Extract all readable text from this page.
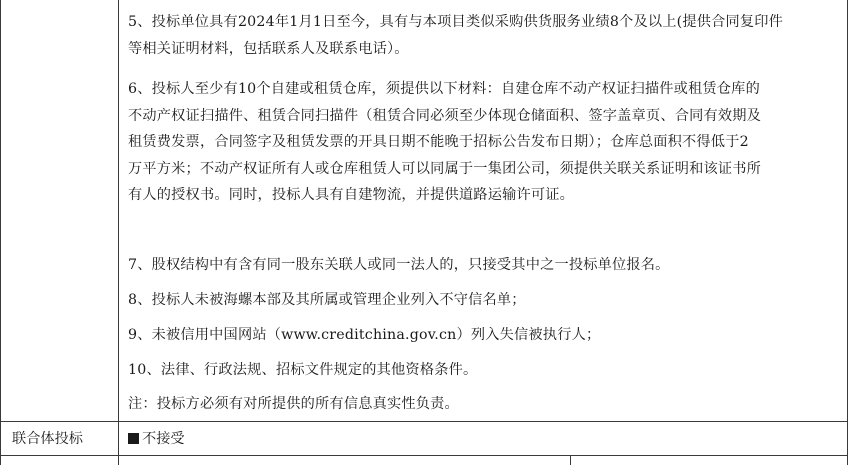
5、投标单位具有2024年1月1日至今，具有与本项目类似采购供货服务业绩8个及以上(提供合同复印件
等相关证明材料，包括联系人及联系电话）。
6、投标人至少有10个自建或租赁仓库，须提供以下材料：自建仓库不动产权证扫描件或租赁仓库的
不动产权证扫描件、租赁合同扫描件（租赁合同必须至少体现仓储面积、签字盖章页、合同有效期及
租赁费发票，合同签字及租赁发票的开具日期不能晚于招标公告发布日期）；仓库总面积不得低于2
万平方米；不动产权证所有人或仓库租赁人可以同属于一集团公司，须提供关联关系证明和该证书所
有人的授权书。同时，投标人具有自建物流，并提供道路运输许可证。
7、股权结构中有含有同一股东关联人或同一法人的，只接受其中之一投标单位报名。
8、投标人未被海螺本部及其所属或管理企业列入不守信名单；
9、未被信用中国网站（www.creditchina.gov.cn）列入失信被执行人；
10、法律、行政法规、招标文件规定的其他资格条件。
注：投标方必须有对所提供的所有信息真实性负责。
联合体投标	不接受
